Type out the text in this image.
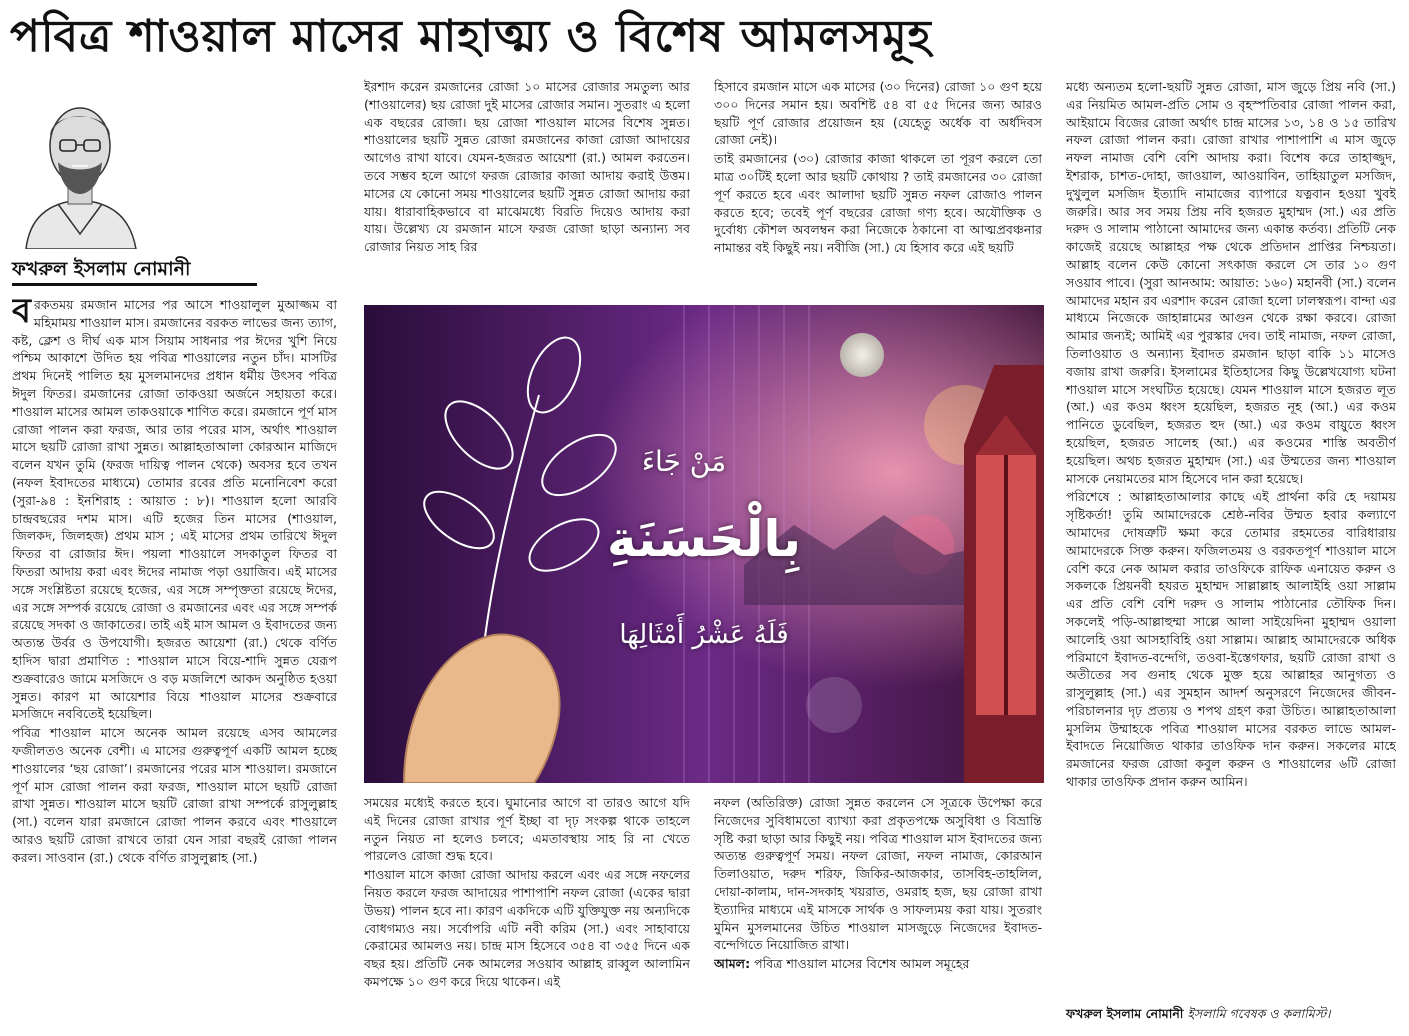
পবিত্র শাওয়াল মাসের মাহাত্ম্য ও বিশেষ আমলসমূহ
ফখরুল ইসলাম নোমানী

বরকতময় রমজান মাসের পর আসে শাওয়ালুল মুআজ্জম বা মহিমাময় শাওয়াল মাস। রমজানের বরকত লাভের জন্য ত্যাগ, কষ্ট, ক্লেশ ও দীর্ঘ এক মাস সিয়াম সাধনার পর ঈদের খুশি নিয়ে পশ্চিম আকাশে উদিত হয় পবিত্র শাওয়ালের নতুন চাঁদ। মাসটির প্রথম দিনেই পালিত হয় মুসলমানদের প্রধান ধর্মীয় উৎসব পবিত্র ঈদুল ফিতর। রমজানের রোজা তাকওয়া অর্জনে সহায়তা করে। শাওয়াল মাসের আমল তাকওয়াকে শাণিত করে। রমজানে পূর্ণ মাস রোজা পালন করা ফরজ, আর তার পরের মাস, অর্থাৎ শাওয়াল মাসে ছয়টি রোজা রাখা সুন্নত। আল্লাহতাআলা কোরআন মাজিদে বলেন যখন তুমি (ফরজ দায়িত্ব পালন থেকে) অবসর হবে তখন (নফল ইবাদতের মাধ্যমে) তোমার রবের প্রতি মনোনিবেশ করো (সুরা-৯৪ : ইনশিরাহ : আয়াত : ৮)। শাওয়াল হলো আরবি চান্দ্রবছরের দশম মাস। এটি হজের তিন মাসের (শাওয়াল, জিলকদ, জিলহজ) প্রথম মাস ; এই মাসের প্রথম তারিখে ঈদুল ফিতর বা রোজার ঈদ। পয়লা শাওয়ালে সদকাতুল ফিতর বা ফিতরা আদায় করা এবং ঈদের নামাজ পড়া ওয়াজিব। এই মাসের সঙ্গে সংশ্লিষ্টতা রয়েছে হজের, এর সঙ্গে সম্পৃক্ততা রয়েছে ঈদের, এর সঙ্গে সম্পর্ক রয়েছে রোজা ও রমজানের এবং এর সঙ্গে সম্পর্ক রয়েছে সদকা ও জাকাতের। তাই এই মাস আমল ও ইবাদতের জন্য অত্যন্ত উর্বর ও উপযোগী। হজরত আয়েশা (রা.) থেকে বর্ণিত হাদিস দ্বারা প্রমাণিত : শাওয়াল মাসে বিয়ে-শাদি সুন্নত যেরূপ শুক্রবারেও জামে মসজিদে ও বড় মজলিশে আকদ অনুষ্ঠিত হওয়া সুন্নত। কারণ মা আয়েশার বিয়ে শাওয়াল মাসের শুক্রবারে মসজিদে নববিতেই হয়েছিল।

পবিত্র শাওয়াল মাসে অনেক আমল রয়েছে এসব আমলের ফজীলতও অনেক বেশী। এ মাসের গুরুত্বপূর্ণ একটি আমল হচ্ছে শাওয়ালের ‘ছয় রোজা’। রমজানের পরের মাস শাওয়াল। রমজানে পূর্ণ মাস রোজা পালন করা ফরজ, শাওয়াল মাসে ছয়টি রোজা রাখা সুন্নত। শাওয়াল মাসে ছয়টি রোজা রাখা সম্পর্কে রাসুলুল্লাহ (সা.) বলেন যারা রমজানে রোজা পালন করবে এবং শাওয়ালে আরও ছয়টি রোজা রাখবে তারা যেন সারা বছরই রোজা পালন করল। সাওবান (রা.) থেকে বর্ণিত রাসুলুল্লাহ (সা.)

ইরশাদ করেন রমজানের রোজা ১০ মাসের রোজার সমতুল্য আর (শাওয়ালের) ছয় রোজা দুই মাসের রোজার সমান। সুতরাং এ হলো এক বছরের রোজা। ছয় রোজা শাওয়াল মাসের বিশেষ সুন্নত। শাওয়ালের ছয়টি সুন্নত রোজা রমজানের কাজা রোজা আদায়ের আগেও রাখা যাবে। যেমন-হজরত আয়েশা (রা.) আমল করতেন। তবে সম্ভব হলে আগে ফরজ রোজার কাজা আদায় করাই উত্তম। মাসের যে কোনো সময় শাওয়ালের ছয়টি সুন্নত রোজা আদায় করা যায়। ধারাবাহিকভাবে বা মাঝেমধ্যে বিরতি দিয়েও আদায় করা যায়। উল্লেখ্য যে রমজান মাসে ফরজ রোজা ছাড়া অন্যান্য সব রোজার নিয়ত সাহ রির

হিসাবে রমজান মাসে এক মাসের (৩০ দিনের) রোজা ১০ গুণ হয়ে ৩০০ দিনের সমান হয়। অবশিষ্ট ৫৪ বা ৫৫ দিনের জন্য আরও ছয়টি পূর্ণ রোজার প্রয়োজন হয় (যেহেতু অর্ধেক বা অর্ধদিবস রোজা নেই)।

তাই রমজানের (৩০) রোজার কাজা থাকলে তা পূরণ করলে তো মাত্র ৩০টিই হলো আর ছয়টি কোথায় ? তাই রমজানের ৩০ রোজা পূর্ণ করতে হবে এবং আলাদা ছয়টি সুন্নত নফল রোজাও পালন করতে হবে; তবেই পূর্ণ বছরের রোজা গণ্য হবে। অযৌক্তিক ও দুর্বোধ্য কৌশল অবলম্বন করা নিজেকে ঠকানো বা আত্মপ্রবঞ্চনার নামান্তর বই কিছুই নয়। নবীজি (সা.) যে হিসাব করে এই ছয়টি

مَنْ جَاءَ
بِالْحَسَنَةِ
فَلَهُ عَشْرُ أَمْثَالِهَا

সময়ের মধ্যেই করতে হবে। ঘুমানোর আগে বা তারও আগে যদি এই দিনের রোজা রাখার পূর্ণ ইচ্ছা বা দৃঢ় সংকল্প থাকে তাহলে নতুন নিয়ত না হলেও চলবে; এমতাবস্থায় সাহ রি না খেতে পারলেও রোজা শুদ্ধ হবে।

শাওয়াল মাসে কাজা রোজা আদায় করলে এবং এর সঙ্গে নফলের নিয়ত করলে ফরজ আদায়ের পাশাপাশি নফল রোজা (একের দ্বারা উভয়) পালন হবে না। কারণ একদিকে এটি যুক্তিযুক্ত নয় অন্যদিকে বোধগম্যও নয়। সর্বোপরি এটি নবী করিম (সা.) এবং সাহাবায়ে কেরামের আমলও নয়। চান্দ্র মাস হিসেবে ৩৫৪ বা ৩৫৫ দিনে এক বছর হয়। প্রতিটি নেক আমলের সওয়াব আল্লাহ রাব্বুল আলামিন কমপক্ষে ১০ গুণ করে দিয়ে থাকেন। এই

নফল (অতিরিক্ত) রোজা সুন্নত করলেন সে সূত্রকে উপেক্ষা করে নিজেদের সুবিধামতো ব্যাখ্যা করা প্রকৃতপক্ষে অসুবিধা ও বিভ্রান্তি সৃষ্টি করা ছাড়া আর কিছুই নয়। পবিত্র শাওয়াল মাস ইবাদতের জন্য অত্যন্ত গুরুত্বপূর্ণ সময়। নফল রোজা, নফল নামাজ, কোরআন তিলাওয়াত, দরুদ শরিফ, জিকির-আজকার, তাসবিহ-তাহলিল, দোয়া-কালাম, দান-সদকাহ খয়রাত, ওমরাহ হজ, ছয় রোজা রাখা ইত্যাদির মাধ্যমে এই মাসকে সার্থক ও সাফল্যময় করা যায়। সুতরাং মুমিন মুসলমানের উচিত শাওয়াল মাসজুড়ে নিজেদের ইবাদত-বন্দেগিতে নিয়োজিত রাখা।

আমল: পবিত্র শাওয়াল মাসের বিশেষ আমল সমূহের

মধ্যে অন্যতম হলো-ছয়টি সুন্নত রোজা, মাস জুড়ে প্রিয় নবি (সা.) এর নিয়মিত আমল-প্রতি সোম ও বৃহস্পতিবার রোজা পালন করা, আইয়ামে বিজের রোজা অর্থাৎ চান্দ্র মাসের ১৩, ১৪ ও ১৫ তারিখ নফল রোজা পালন করা। রোজা রাখার পাশাপাশি এ মাস জুড়ে নফল নামাজ বেশি বেশি আদায় করা। বিশেষ করে তাহাজ্জুদ, ইশরাক, চাশত-দোহা, জাওয়াল, আওয়াবিন, তাহিয়াতুল মসজিদ, দুখুলুল মসজিদ ইত্যাদি নামাজের ব্যাপারে যত্নবান হওয়া খুবই জরুরি। আর সব সময় প্রিয় নবি হজরত মুহাম্মদ (সা.) এর প্রতি দরুদ ও সালাম পাঠানো আমাদের জন্য একান্ত কর্তব্য। প্রতিটি নেক কাজেই রয়েছে আল্লাহর পক্ষ থেকে প্রতিদান প্রাপ্তির নিশ্চয়তা। আল্লাহ বলেন কেউ কোনো সৎকাজ করলে সে তার ১০ গুণ সওয়াব পাবে। (সুরা আনআম: আয়াত: ১৬০) মহানবী (সা.) বলেন আমাদের মহান রব এরশাদ করেন রোজা হলো ঢালস্বরূপ। বান্দা এর মাধ্যমে নিজেকে জাহান্নামের আগুন থেকে রক্ষা করবে। রোজা আমার জন্যই; আমিই এর পুরস্কার দেব। তাই নামাজ, নফল রোজা, তিলাওয়াত ও অন্যান্য ইবাদত রমজান ছাড়া বাকি ১১ মাসেও বজায় রাখা জরুরি। ইসলামের ইতিহাসের কিছু উল্লেখযোগ্য ঘটনা শাওয়াল মাসে সংঘটিত হয়েছে। যেমন শাওয়াল মাসে হজরত লূত (আ.) এর কওম ধ্বংস হয়েছিল, হজরত নূহ (আ.) এর কওম পানিতে ডুবেছিল, হজরত হুদ (আ.) এর কওম বায়ুতে ধ্বংস হয়েছিল, হজরত সালেহ (আ.) এর কওমের শাস্তি অবতীর্ণ হয়েছিল। অথচ হজরত মুহাম্মদ (সা.) এর উম্মতের জন্য শাওয়াল মাসকে নেয়ামতের মাস হিসেবে দান করা হয়েছে।

পরিশেষে : আল্লাহতাআলার কাছে এই প্রার্থনা করি হে দয়াময় সৃষ্টিকর্তা! তুমি আমাদেরকে শ্রেষ্ঠ-নবির উম্মত হবার কল্যাণে আমাদের দোষত্রুটি ক্ষমা করে তোমার রহমতের বারিধারায় আমাদেরকে সিক্ত করুন। ফজিলতময় ও বরকতপূর্ণ শাওয়াল মাসে বেশি করে নেক আমল করার তাওফিকে রাফিক এনায়েত করুন ও সকলকে প্রিয়নবী হযরত মুহাম্মদ সাল্লাল্লাহ আলাইহি ওয়া সাল্লাম এর প্রতি বেশি বেশি দরুদ ও সালাম পাঠানোর তৌফিক দিন। সকলেই পড়ি-আল্লাহুম্মা সাল্লে আলা সাইয়েদিনা মুহাম্মদ ওয়ালা আলেহি ওয়া আসহাবিহি ওয়া সাল্লাম। আল্লাহ আমাদেরকে অধিক পরিমাণে ইবাদত-বন্দেগি, তওবা-ইস্তেগফার, ছয়টি রোজা রাখা ও অতীতের সব গুনাহ থেকে মুক্ত হয়ে আল্লাহর আনুগত্য ও রাসুলুল্লাহ (সা.) এর সুমহান আদর্শ অনুসরণে নিজেদের জীবন-পরিচালনার দৃঢ় প্রত্যয় ও শপথ গ্রহণ করা উচিত। আল্লাহতাআলা মুসলিম উম্মাহকে পবিত্র শাওয়াল মাসের বরকত লাভে আমল-ইবাদতে নিয়োজিত থাকার তাওফিক দান করুন। সকলের মাহে রমজানের ফরজ রোজা কবুল করুন ও শাওয়ালের ৬টি রোজা থাকার তাওফিক প্রদান করুন আমিন।

ফখরুল ইসলাম নোমানী ইসলামি গবেষক ও কলামিস্ট।
